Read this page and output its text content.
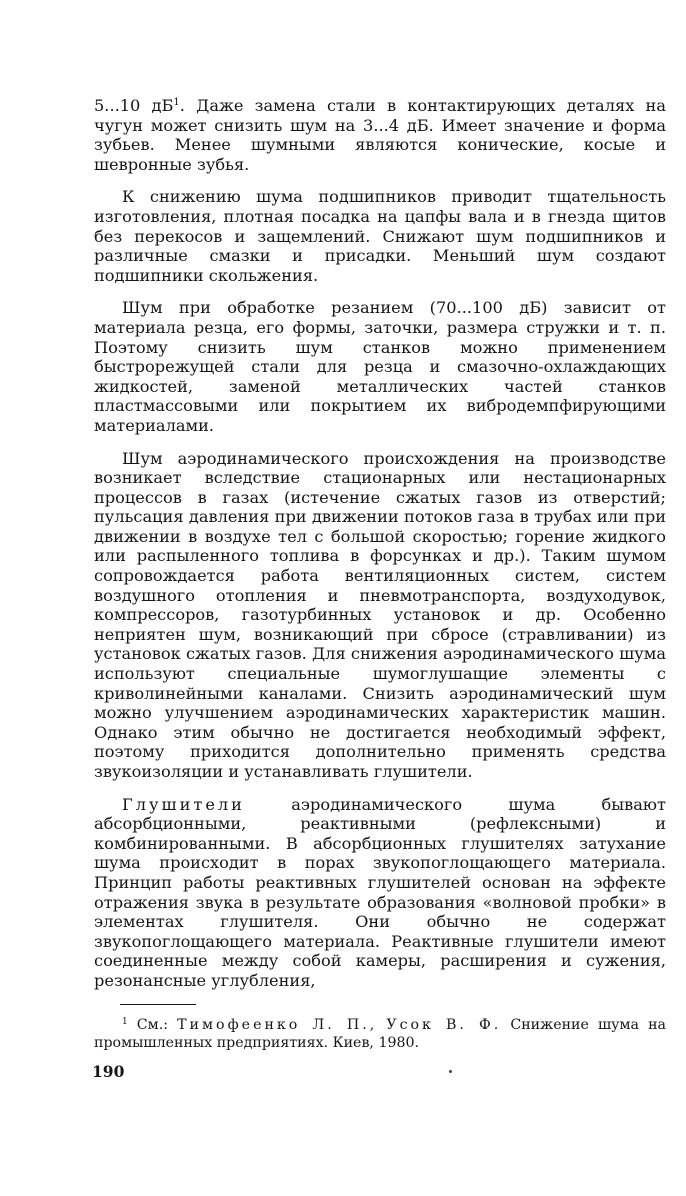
5...10 $дБ^1$. Даже замена стали в контактирующих деталях на чугун может снизить шум на 3...4 дБ. Имеет значение и форма зубьев. Менее шумными являются конические, косые и шевронные зубья.

К снижению шума подшипников приводит тщательность изготовления, плотная посадка на цапфы вала и в гнезда щитов без перекосов и защемлений. Снижают шум подшипников и различные смазки и присадки. Меньший шум создают подшипники скольжения.

Шум при обработке резанием (70...100 дБ) зависит от материала резца, его формы, заточки, размера стружки и т. п. Поэтому снизить шум станков можно применением быстрорежущей стали для резца и смазочно-охлаждающих жидкостей, заменой металлических частей станков пластмассовыми или покрытием их вибродемпфирующими материалами.

Шум аэродинамического происхождения на производстве возникает вследствие стационарных или нестационарных процессов в газах (истечение сжатых газов из отверстий; пульсация давления при движении потоков газа в трубах или при движении в воздухе тел с большой скоростью; горение жидкого или распыленного топлива в форсунках и др.). Таким шумом сопровождается работа вентиляционных систем, систем воздушного отопления и пневмотранспорта, воздуходувок, компрессоров, газотурбинных установок и др. Особенно неприятен шум, возникающий при сбросе (стравливании) из установок сжатых газов. Для снижения аэродинамического шума используют специальные шумоглушащие элементы с криволинейными каналами. Снизить аэродинамический шум можно улучшением аэродинамических характеристик машин. Однако этим обычно не достигается необходимый эффект, поэтому приходится дополнительно применять средства звукоизоляции и устанавливать глушители.

Глушители аэродинамического шума бывают абсорбционными, реактивными (рефлексными) и комбинированными. В абсорбционных глушителях затухание шума происходит в порах звукопоглощающего материала. Принцип работы реактивных глушителей основан на эффекте отражения звука в результате образования «волновой пробки» в элементах глушителя. Они обычно не содержат звукопоглощающего материала. Реактивные глушители имеют соединенные между собой камеры, расширения и сужения, резонансные углубления,

$^1$ См.: Тимофеенко Л. П., Усок В. Ф. Снижение шума на промышленных предприятиях. Киев, 1980.

190
